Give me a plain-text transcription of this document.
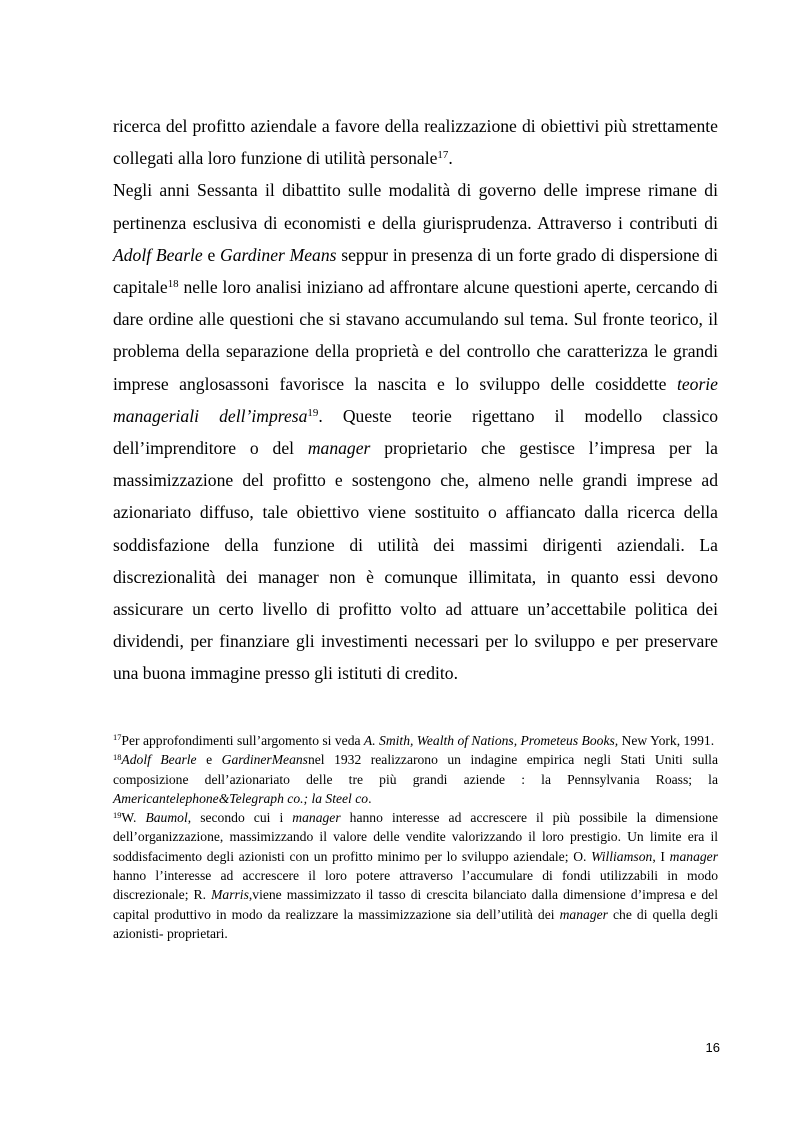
ricerca del profitto aziendale a favore della realizzazione di obiettivi più strettamente collegati alla loro funzione di utilità personale$^{17}$.

Negli anni Sessanta il dibattito sulle modalità di governo delle imprese rimane di pertinenza esclusiva di economisti e della giurisprudenza. Attraverso i contributi di Adolf Bearle e Gardiner Means seppur in presenza di un forte grado di dispersione di capitale$^{18}$ nelle loro analisi iniziano ad affrontare alcune questioni aperte, cercando di dare ordine alle questioni che si stavano accumulando sul tema. Sul fronte teorico, il problema della separazione della proprietà e del controllo che caratterizza le grandi imprese anglosassoni favorisce la nascita e lo sviluppo delle cosiddette teorie manageriali dell’impresa$^{19}$. Queste teorie rigettano il modello classico dell’imprenditore o del manager proprietario che gestisce l’impresa per la massimizzazione del profitto e sostengono che, almeno nelle grandi imprese ad azionariato diffuso, tale obiettivo viene sostituito o affiancato dalla ricerca della soddisfazione della funzione di utilità dei massimi dirigenti aziendali. La discrezionalità dei manager non è comunque illimitata, in quanto essi devono assicurare un certo livello di profitto volto ad attuare un’accettabile politica dei dividendi, per finanziare gli investimenti necessari per lo sviluppo e per preservare una buona immagine presso gli istituti di credito.

$^{17}$Per approfondimenti sull’argomento si veda A. Smith, Wealth of Nations, Prometeus Books, New York, 1991.

$^{18}$Adolf Bearle e GardinerMeansnel 1932 realizzarono un indagine empirica negli Stati Uniti sulla composizione dell’azionariato delle tre più grandi aziende : la Pennsylvania Roass; la Americantelephone&Telegraph co.; la Steel co.

$^{19}$W. Baumol, secondo cui i manager hanno interesse ad accrescere il più possibile la dimensione dell’organizzazione, massimizzando il valore delle vendite valorizzando il loro prestigio. Un limite era il soddisfacimento degli azionisti con un profitto minimo per lo sviluppo aziendale; O. Williamson, I manager hanno l’interesse ad accrescere il loro potere attraverso l’accumulare di fondi utilizzabili in modo discrezionale; R. Marris,viene massimizzato il tasso di crescita bilanciato dalla dimensione d’impresa e del capital produttivo in modo da realizzare la massimizzazione sia dell’utilità dei manager che di quella degli azionisti- proprietari.

16
